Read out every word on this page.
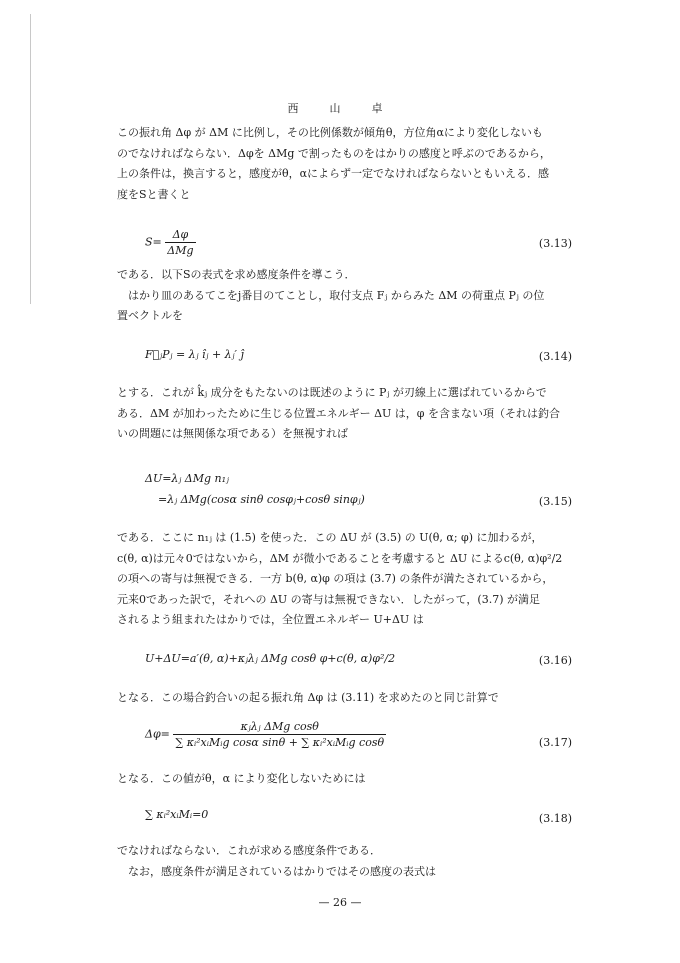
西　山　卓
この振れ角 Δφ が ΔM に比例し，その比例係数が傾角θ，方位角αにより変化しないも
のでなければならない．Δφを ΔMg で割ったものをはかりの感度と呼ぶのであるから，
上の条件は，換言すると，感度がθ，αによらず一定でなければならないともいえる．感
度をSと書くと
$S= \frac{\Delta\varphi}{\text{ΔMg}}$	(3.13)
である．以下Sの表式を求め感度条件を導こう．
はかり皿のあるてこをj番目のてことし，取付支点 Fⱼ からみた ΔM の荷重点 Pⱼ の位
置ベクトルを
F⃗ⱼPⱼ = λⱼ îⱼ + λⱼ′ ĵ	(3.14)
とする．これが k̂ⱼ 成分をもたないのは既述のように Pⱼ が刃線上に選ばれているからで
ある．ΔM が加わったために生じる位置エネルギー ΔU は，φ を含まない項（それは釣合
いの問題には無関係な項である）を無視すれば
ΔU=λⱼ ΔMg n₁ⱼ
=λⱼ ΔMg(cosα sinθ cosφⱼ+cosθ sinφⱼ)	(3.15)
である．ここに n₁ⱼ は (1.5) を使った．この ΔU が (3.5) の U(θ, α; φ) に加わるが，
c(θ, α)は元々0ではないから，ΔM が微小であることを考慮すると ΔU によるc(θ, α)φ²/2
の項への寄与は無視できる．一方 b(θ, α)φ の項は (3.7) の条件が満たされているから，
元来0であった訳で，それへの ΔU の寄与は無視できない．したがって，(3.7) が満足
されるよう組まれたはかりでは，全位置エネルギー U+ΔU は
U+ΔU=a′(θ, α)+κⱼλⱼ ΔMg cosθ φ+c(θ, α)φ²/2	(3.16)
となる．この場合釣合いの起る振れ角 Δφ は (3.11) を求めたのと同じ計算で
$\Delta\varphi= \frac{\text{κⱼλⱼ ΔMg cosθ}}{\text{∑ κᵢ²xᵢMᵢg cosα sinθ + ∑ κᵢ²xᵢMᵢg cosθ}}$	(3.17)
となる．この値がθ，α により変化しないためには
∑ κᵢ²xᵢMᵢ=0	(3.18)
でなければならない．これが求める感度条件である．
なお，感度条件が満足されているはかりではその感度の表式は
— 26 —
